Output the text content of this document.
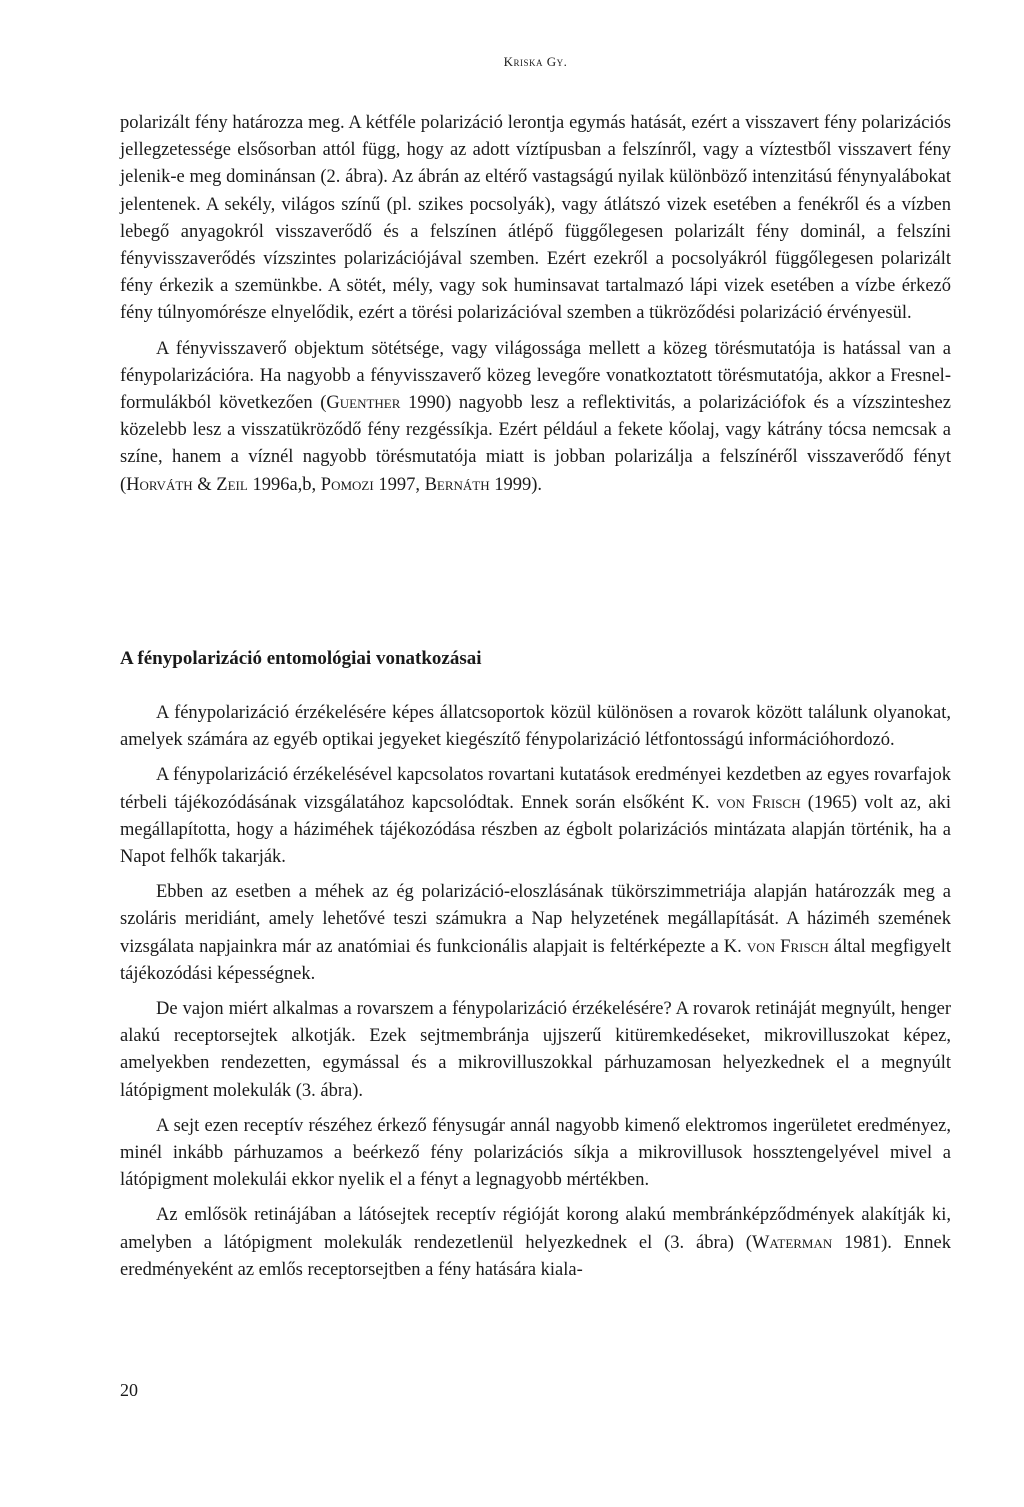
Kriska Gy.

polarizált fény határozza meg. A kétféle polarizáció lerontja egymás hatását, ezért a visszavert fény polarizációs jellegzetessége elsősorban attól függ, hogy az adott víztípusban a felszínről, vagy a víztestből visszavert fény jelenik-e meg dominánsan (2. ábra). Az ábrán az eltérő vastagságú nyilak különböző intenzitású fénynyalábokat jelentenek. A sekély, világos színű (pl. szikes pocsolyák), vagy átlátszó vizek esetében a fenékről és a vízben lebegő anyagokról visszaverődő és a felszínen átlépő függőlegesen polarizált fény dominál, a felszíni fényvisszaverődés vízszintes polarizációjával szemben. Ezért ezekről a pocsolyákról függőlegesen polarizált fény érkezik a szemünkbe. A sötét, mély, vagy sok huminsavat tartalmazó lápi vizek esetében a vízbe érkező fény túlnyomórésze elnyelődik, ezért a törési polarizációval szemben a tükröződési polarizáció érvényesül.

A fényvisszaverő objektum sötétsége, vagy világossága mellett a közeg törésmutatója is hatással van a fénypolarizációra. Ha nagyobb a fényvisszaverő közeg levegőre vonatkoztatott törésmutatója, akkor a Fresnel-formulákból következően (Guenther 1990) nagyobb lesz a reflektivitás, a polarizációfok és a vízszinteshez közelebb lesz a visszatükröződő fény rezgéssíkja. Ezért például a fekete kőolaj, vagy kátrány tócsa nemcsak a színe, hanem a víznél nagyobb törésmutatója miatt is jobban polarizálja a felszínéről visszaverődő fényt (Horváth & Zeil 1996a,b, Pomozi 1997, Bernáth 1999).

A fénypolarizáció entomológiai vonatkozásai

A fénypolarizáció érzékelésére képes állatcsoportok közül különösen a rovarok között találunk olyanokat, amelyek számára az egyéb optikai jegyeket kiegészítő fénypolarizáció létfontosságú információhordozó.

A fénypolarizáció érzékelésével kapcsolatos rovartani kutatások eredményei kezdetben az egyes rovarfajok térbeli tájékozódásának vizsgálatához kapcsolódtak. Ennek során elsőként K. von Frisch (1965) volt az, aki megállapította, hogy a háziméhek tájékozódása részben az égbolt polarizációs mintázata alapján történik, ha a Napot felhők takarják.

Ebben az esetben a méhek az ég polarizáció-eloszlásának tükörszimmetriája alapján határozzák meg a szoláris meridiánt, amely lehetővé teszi számukra a Nap helyzetének megállapítását. A háziméh szemének vizsgálata napjainkra már az anatómiai és funkcionális alapjait is feltérképezte a K. von Frisch által megfigyelt tájékozódási képességnek.

De vajon miért alkalmas a rovarszem a fénypolarizáció érzékelésére? A rovarok retináját megnyúlt, henger alakú receptorsejtek alkotják. Ezek sejtmembránja ujjszerű kitüremkedéseket, mikrovilluszokat képez, amelyekben rendezetten, egymással és a mikrovilluszokkal párhuzamosan helyezkednek el a megnyúlt látópigment molekulák (3. ábra).

A sejt ezen receptív részéhez érkező fénysugár annál nagyobb kimenő elektromos ingerületet eredményez, minél inkább párhuzamos a beérkező fény polarizációs síkja a mikrovillusok hossztengelyével mivel a látópigment molekulái ekkor nyelik el a fényt a legnagyobb mértékben.

Az emlősök retinájában a látósejtek receptív régióját korong alakú membránképződmények alakítják ki, amelyben a látópigment molekulák rendezetlenül helyezkednek el (3. ábra) (Waterman 1981). Ennek eredményeként az emlős receptorsejtben a fény hatására kiala-

20
